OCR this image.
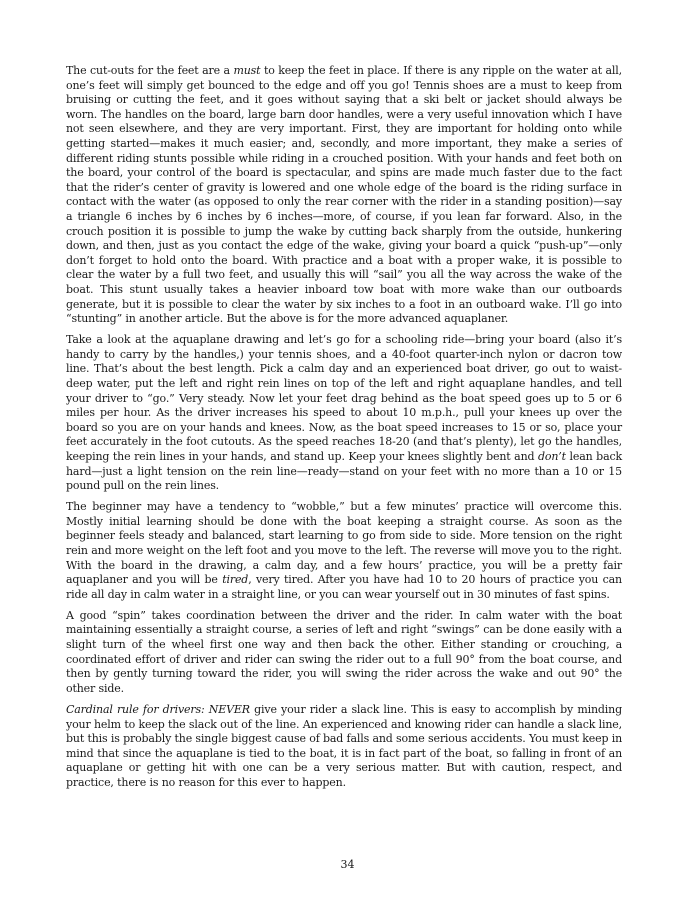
The cut-outs for the feet are a must to keep the feet in place. If there is any ripple on the water at all, one’s feet will simply get bounced to the edge and off you go! Tennis shoes are a must to keep from bruising or cutting the feet, and it goes without saying that a ski belt or jacket should always be worn. The handles on the board, large barn door handles, were a very useful innovation which I have not seen elsewhere, and they are very important. First, they are important for holding onto while getting started—makes it much easier; and, secondly, and more important, they make a series of different riding stunts possible while riding in a crouched position. With your hands and feet both on the board, your control of the board is spectacular, and spins are made much faster due to the fact that the rider’s center of gravity is lowered and one whole edge of the board is the riding surface in contact with the water (as opposed to only the rear corner with the rider in a standing position)—say a triangle 6 inches by 6 inches by 6 inches—more, of course, if you lean far forward. Also, in the crouch position it is possible to jump the wake by cutting back sharply from the outside, hunkering down, and then, just as you contact the edge of the wake, giving your board a quick “push-up”—only don’t forget to hold onto the board. With practice and a boat with a proper wake, it is possible to clear the water by a full two feet, and usually this will “sail” you all the way across the wake of the boat. This stunt usually takes a heavier inboard tow boat with more wake than our outboards generate, but it is possible to clear the water by six inches to a foot in an outboard wake. I’ll go into “stunting” in another article. But the above is for the more advanced aquaplaner.

Take a look at the aquaplane drawing and let’s go for a schooling ride—bring your board (also it’s handy to carry by the handles,) your tennis shoes, and a 40-foot quarter-inch nylon or dacron tow line. That’s about the best length. Pick a calm day and an experienced boat driver, go out to waist-deep water, put the left and right rein lines on top of the left and right aquaplane handles, and tell your driver to “go.” Very steady. Now let your feet drag behind as the boat speed goes up to 5 or 6 miles per hour. As the driver increases his speed to about 10 m.p.h., pull your knees up over the board so you are on your hands and knees. Now, as the boat speed increases to 15 or so, place your feet accurately in the foot cutouts. As the speed reaches 18-20 (and that’s plenty), let go the handles, keeping the rein lines in your hands, and stand up. Keep your knees slightly bent and don’t lean back hard—just a light tension on the rein line—ready—stand on your feet with no more than a 10 or 15 pound pull on the rein lines.

The beginner may have a tendency to “wobble,” but a few minutes’ practice will overcome this. Mostly initial learning should be done with the boat keeping a straight course. As soon as the beginner feels steady and balanced, start learning to go from side to side. More tension on the right rein and more weight on the left foot and you move to the left. The reverse will move you to the right. With the board in the drawing, a calm day, and a few hours’ practice, you will be a pretty fair aquaplaner and you will be tired, very tired. After you have had 10 to 20 hours of practice you can ride all day in calm water in a straight line, or you can wear yourself out in 30 minutes of fast spins.

A good “spin” takes coordination between the driver and the rider. In calm water with the boat maintaining essentially a straight course, a series of left and right “swings” can be done easily with a slight turn of the wheel first one way and then back the other. Either standing or crouching, a coordinated effort of driver and rider can swing the rider out to a full 90° from the boat course, and then by gently turning toward the rider, you will swing the rider across the wake and out 90° the other side.

Cardinal rule for drivers: NEVER give your rider a slack line. This is easy to accomplish by minding your helm to keep the slack out of the line. An experienced and knowing rider can handle a slack line, but this is probably the single biggest cause of bad falls and some serious accidents. You must keep in mind that since the aquaplane is tied to the boat, it is in fact part of the boat, so falling in front of an aquaplane or getting hit with one can be a very serious matter. But with caution, respect, and practice, there is no reason for this ever to happen.

34
